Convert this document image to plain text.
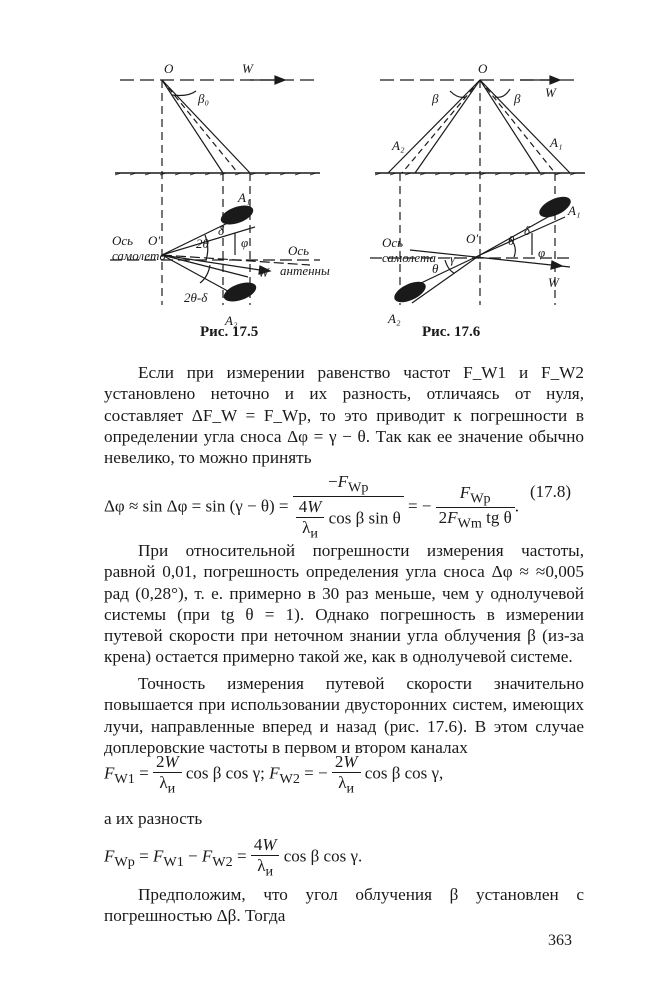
O	W
β₀
A₁
A₂
O′
Ось
самолета	Ось
антенны
2θ
δ
φ
2θ-δ
W
Рис. 17.5
O
W
β	β
A₂	A₁
A₁
A₂
O′
Ось
самолета γ
θ
θ
δ
φ
W
Рис. 17.6

Если при измерении равенство частот F_W1 и F_W2 установлено неточно и их разность, отличаясь от нуля, составляет ΔF_W = F_Wp, то это приводит к погрешности в определении угла сноса Δφ = γ − θ. Так как ее значение обычно невелико, то можно принять

$\Delta\varphi \approx \sin \Delta\varphi = \sin (\gamma - \theta) = \frac{-F_{Wр}}{\frac{4W}{\lambda_и} \cos \beta \sin \theta}$ = − $\frac{F_{Wр}}{2F_{Wm} tg \theta}$ .
(17.8)

При относительной погрешности измерения частоты, равной 0,01, погрешность определения угла сноса Δφ ≈ ≈0,005 рад (0,28°), т. е. примерно в 30 раз меньше, чем у однолучевой системы (при tg θ = 1). Однако погрешность в измерении путевой скорости при неточном знании угла облучения β (из-за крена) остается примерно такой же, как в однолучевой системе.

Точность измерения путевой скорости значительно повышается при использовании двусторонних систем, имеющих лучи, направленные вперед и назад (рис. 17.6). В этом случае доплеровские частоты в первом и втором каналах

$F_{W1} = \frac{2W}{\lambda_и}$ cos β cos γ; $F_{W2}$ = − $\frac{2W}{\lambda_и}$ cos β cos γ,

а их разность

$F_{Wр} = F_{W1} - F_{W2} = \frac{4W}{\lambda_и}$ cos β cos γ.

Предположим, что угол облучения β установлен с погрешностью Δβ. Тогда

363
